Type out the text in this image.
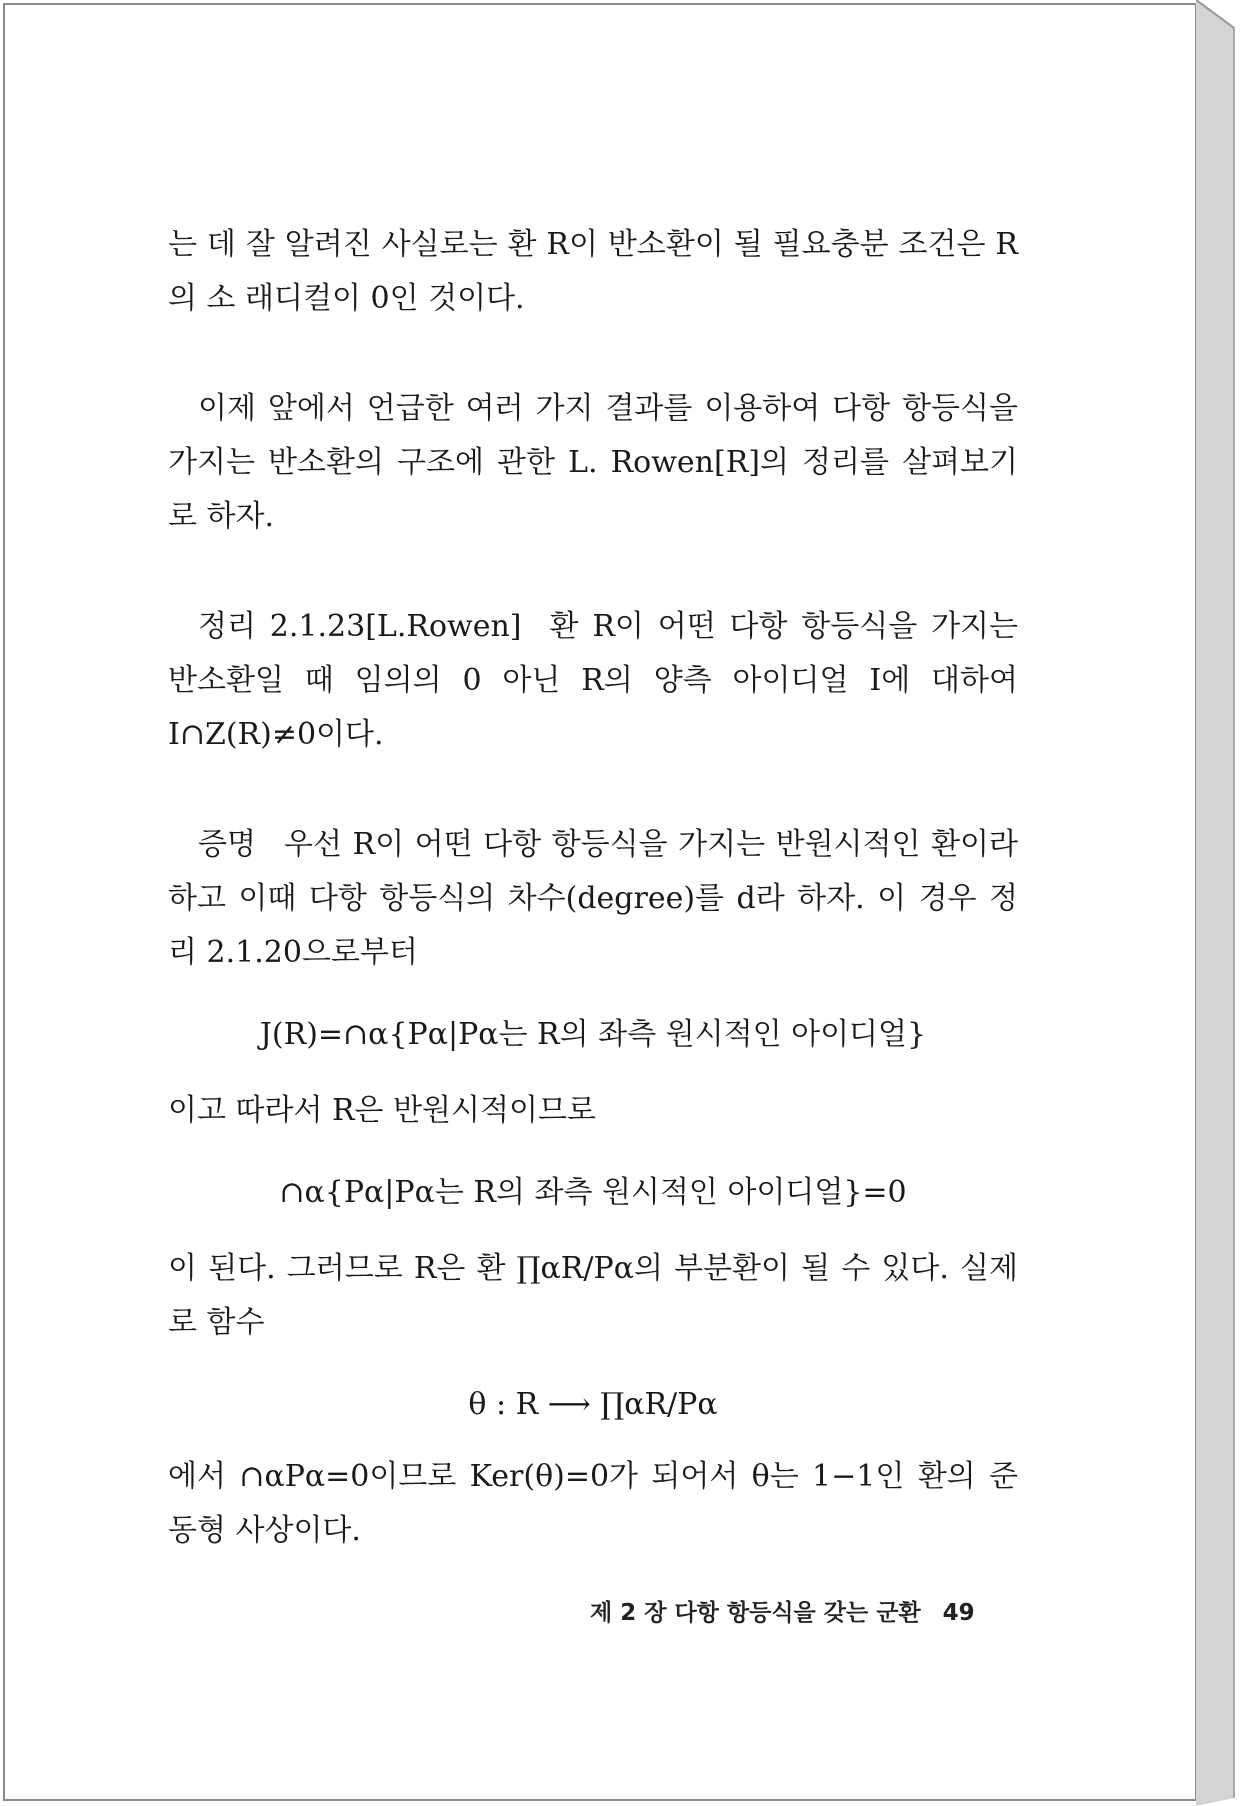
는 데 잘 알려진 사실로는 환 R이 반소환이 될 필요충분 조건은 R의 소 래디컬이 0인 것이다.

이제 앞에서 언급한 여러 가지 결과를 이용하여 다항 항등식을 가지는 반소환의 구조에 관한 L. Rowen[R]의 정리를 살펴보기로 하자.

정리 2.1.23[L.Rowen] 환 R이 어떤 다항 항등식을 가지는 반소환일 때 임의의 0 아닌 R의 양측 아이디얼 I에 대하여 I∩Z(R)≠0이다.

증명 우선 R이 어떤 다항 항등식을 가지는 반원시적인 환이라 하고 이때 다항 항등식의 차수(degree)를 d라 하자. 이 경우 정리 2.1.20으로부터

J(R)=∩α{Pα|Pα는 R의 좌측 원시적인 아이디얼}

이고 따라서 R은 반원시적이므로

∩α{Pα|Pα는 R의 좌측 원시적인 아이디얼}=0

이 된다. 그러므로 R은 환 ∏αR/Pα의 부분환이 될 수 있다. 실제로 함수

θ : R ⟶ ∏αR/Pα

에서 ∩αPα=0이므로 Ker(θ)=0가 되어서 θ는 1−1인 환의 준동형 사상이다.

제 2 장 다항 항등식을 갖는 군환 49
